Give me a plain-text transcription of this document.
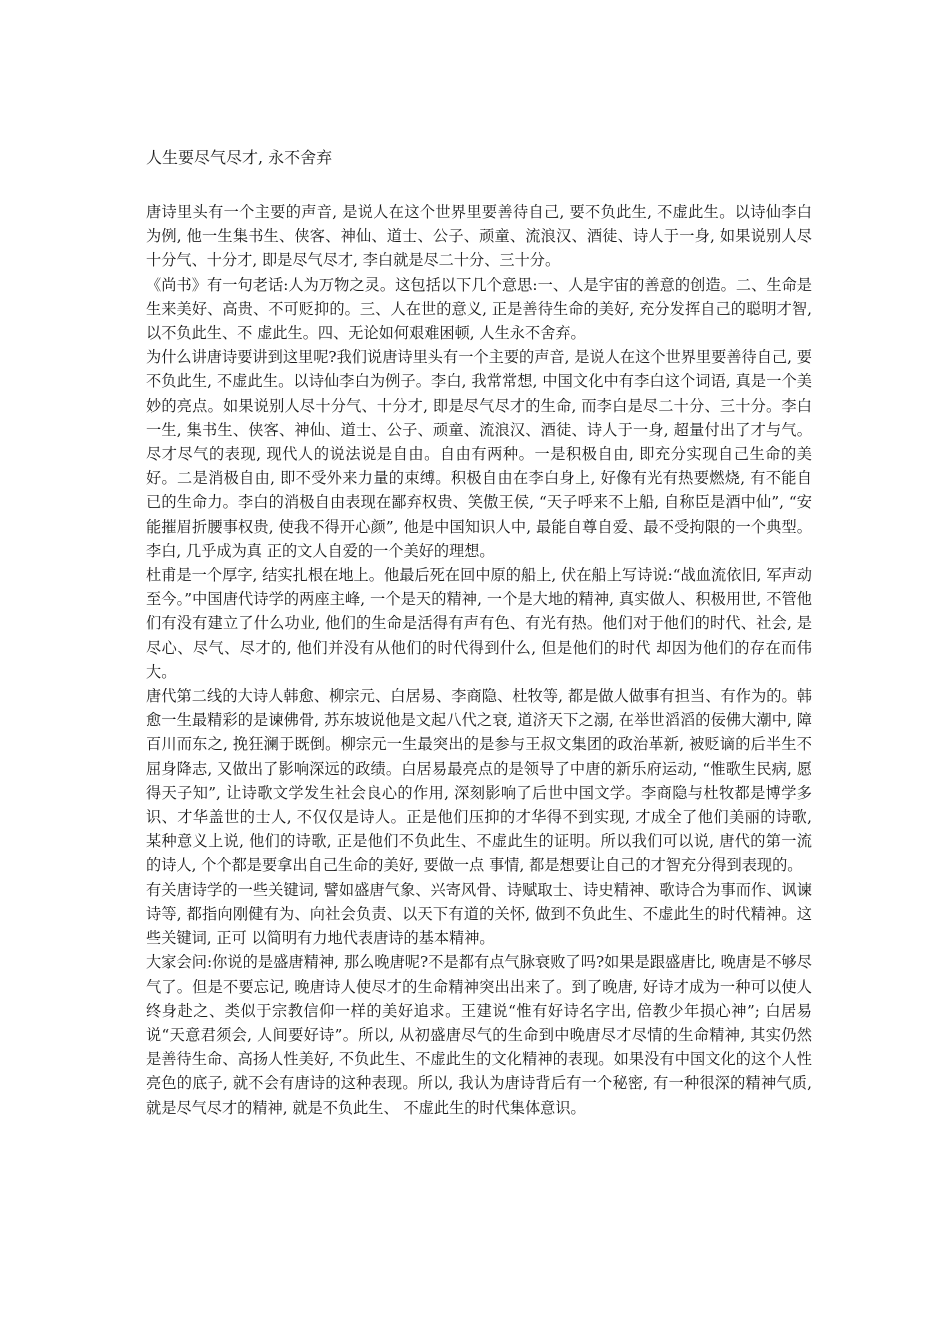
人生要尽气尽才, 永不舍弃

唐诗里头有一个主要的声音, 是说人在这个世界里要善待自己, 要不负此生, 不虚此生。以诗仙李白为例, 他一生集书生、侠客、神仙、道士、公子、顽童、流浪汉、酒徒、诗人于一身, 如果说别人尽十分气、十分才, 即是尽气尽才, 李白就是尽二十分、三十分。

《尚书》有一句老话:人为万物之灵。这包括以下几个意思:一、人是宇宙的善意的创造。二、生命是生来美好、高贵、不可贬抑的。三、人在世的意义, 正是善待生命的美好, 充分发挥自己的聪明才智, 以不负此生、不 虚此生。四、无论如何艰难困顿, 人生永不舍弃。

为什么讲唐诗要讲到这里呢?我们说唐诗里头有一个主要的声音, 是说人在这个世界里要善待自己, 要不负此生, 不虚此生。以诗仙李白为例子。李白, 我常常想, 中国文化中有李白这个词语, 真是一个美妙的亮点。如果说别人尽十分气、十分才, 即是尽气尽才的生命, 而李白是尽二十分、三十分。李白一生, 集书生、侠客、神仙、道士、公子、顽童、流浪汉、酒徒、诗人于一身, 超量付出了才与气。尽才尽气的表现, 现代人的说法说是自由。自由有两种。一是积极自由, 即充分实现自己生命的美好。二是消极自由, 即不受外来力量的束缚。积极自由在李白身上, 好像有光有热要燃烧, 有不能自已的生命力。李白的消极自由表现在鄙弃权贵、笑傲王侯, “天子呼来不上船, 自称臣是酒中仙”, “安能摧眉折腰事权贵, 使我不得开心颜”, 他是中国知识人中, 最能自尊自爱、最不受拘限的一个典型。李白, 几乎成为真 正的文人自爱的一个美好的理想。

杜甫是一个厚字, 结实扎根在地上。他最后死在回中原的船上, 伏在船上写诗说:“战血流依旧, 军声动至今。”中国唐代诗学的两座主峰, 一个是天的精神, 一个是大地的精神, 真实做人、积极用世, 不管他们有没有建立了什么功业, 他们的生命是活得有声有色、有光有热。他们对于他们的时代、社会, 是尽心、尽气、尽才的, 他们并没有从他们的时代得到什么, 但是他们的时代 却因为他们的存在而伟大。

唐代第二线的大诗人韩愈、柳宗元、白居易、李商隐、杜牧等, 都是做人做事有担当、有作为的。韩愈一生最精彩的是谏佛骨, 苏东坡说他是文起八代之衰, 道济天下之溺, 在举世滔滔的佞佛大潮中, 障百川而东之, 挽狂澜于既倒。柳宗元一生最突出的是参与王叔文集团的政治革新, 被贬谪的后半生不屈身降志, 又做出了影响深远的政绩。白居易最亮点的是领导了中唐的新乐府运动, “惟歌生民病, 愿得天子知”, 让诗歌文学发生社会良心的作用, 深刻影响了后世中国文学。李商隐与杜牧都是博学多识、才华盖世的士人, 不仅仅是诗人。正是他们压抑的才华得不到实现, 才成全了他们美丽的诗歌, 某种意义上说, 他们的诗歌, 正是他们不负此生、不虚此生的证明。所以我们可以说, 唐代的第一流的诗人, 个个都是要拿出自己生命的美好, 要做一点 事情, 都是想要让自己的才智充分得到表现的。

有关唐诗学的一些关键词, 譬如盛唐气象、兴寄风骨、诗赋取士、诗史精神、歌诗合为事而作、讽谏诗等, 都指向刚健有为、向社会负责、以天下有道的关怀, 做到不负此生、不虚此生的时代精神。这些关键词, 正可 以简明有力地代表唐诗的基本精神。

大家会问:你说的是盛唐精神, 那么晚唐呢?不是都有点气脉衰败了吗?如果是跟盛唐比, 晚唐是不够尽气了。但是不要忘记, 晚唐诗人使尽才的生命精神突出出来了。到了晚唐, 好诗才成为一种可以使人终身赴之、类似于宗教信仰一样的美好追求。王建说“惟有好诗名字出, 倍教少年损心神”; 白居易说“天意君须会, 人间要好诗”。所以, 从初盛唐尽气的生命到中晚唐尽才尽情的生命精神, 其实仍然是善待生命、高扬人性美好, 不负此生、不虚此生的文化精神的表现。如果没有中国文化的这个人性亮色的底子, 就不会有唐诗的这种表现。所以, 我认为唐诗背后有一个秘密, 有一种很深的精神气质, 就是尽气尽才的精神, 就是不负此生、 不虚此生的时代集体意识。
